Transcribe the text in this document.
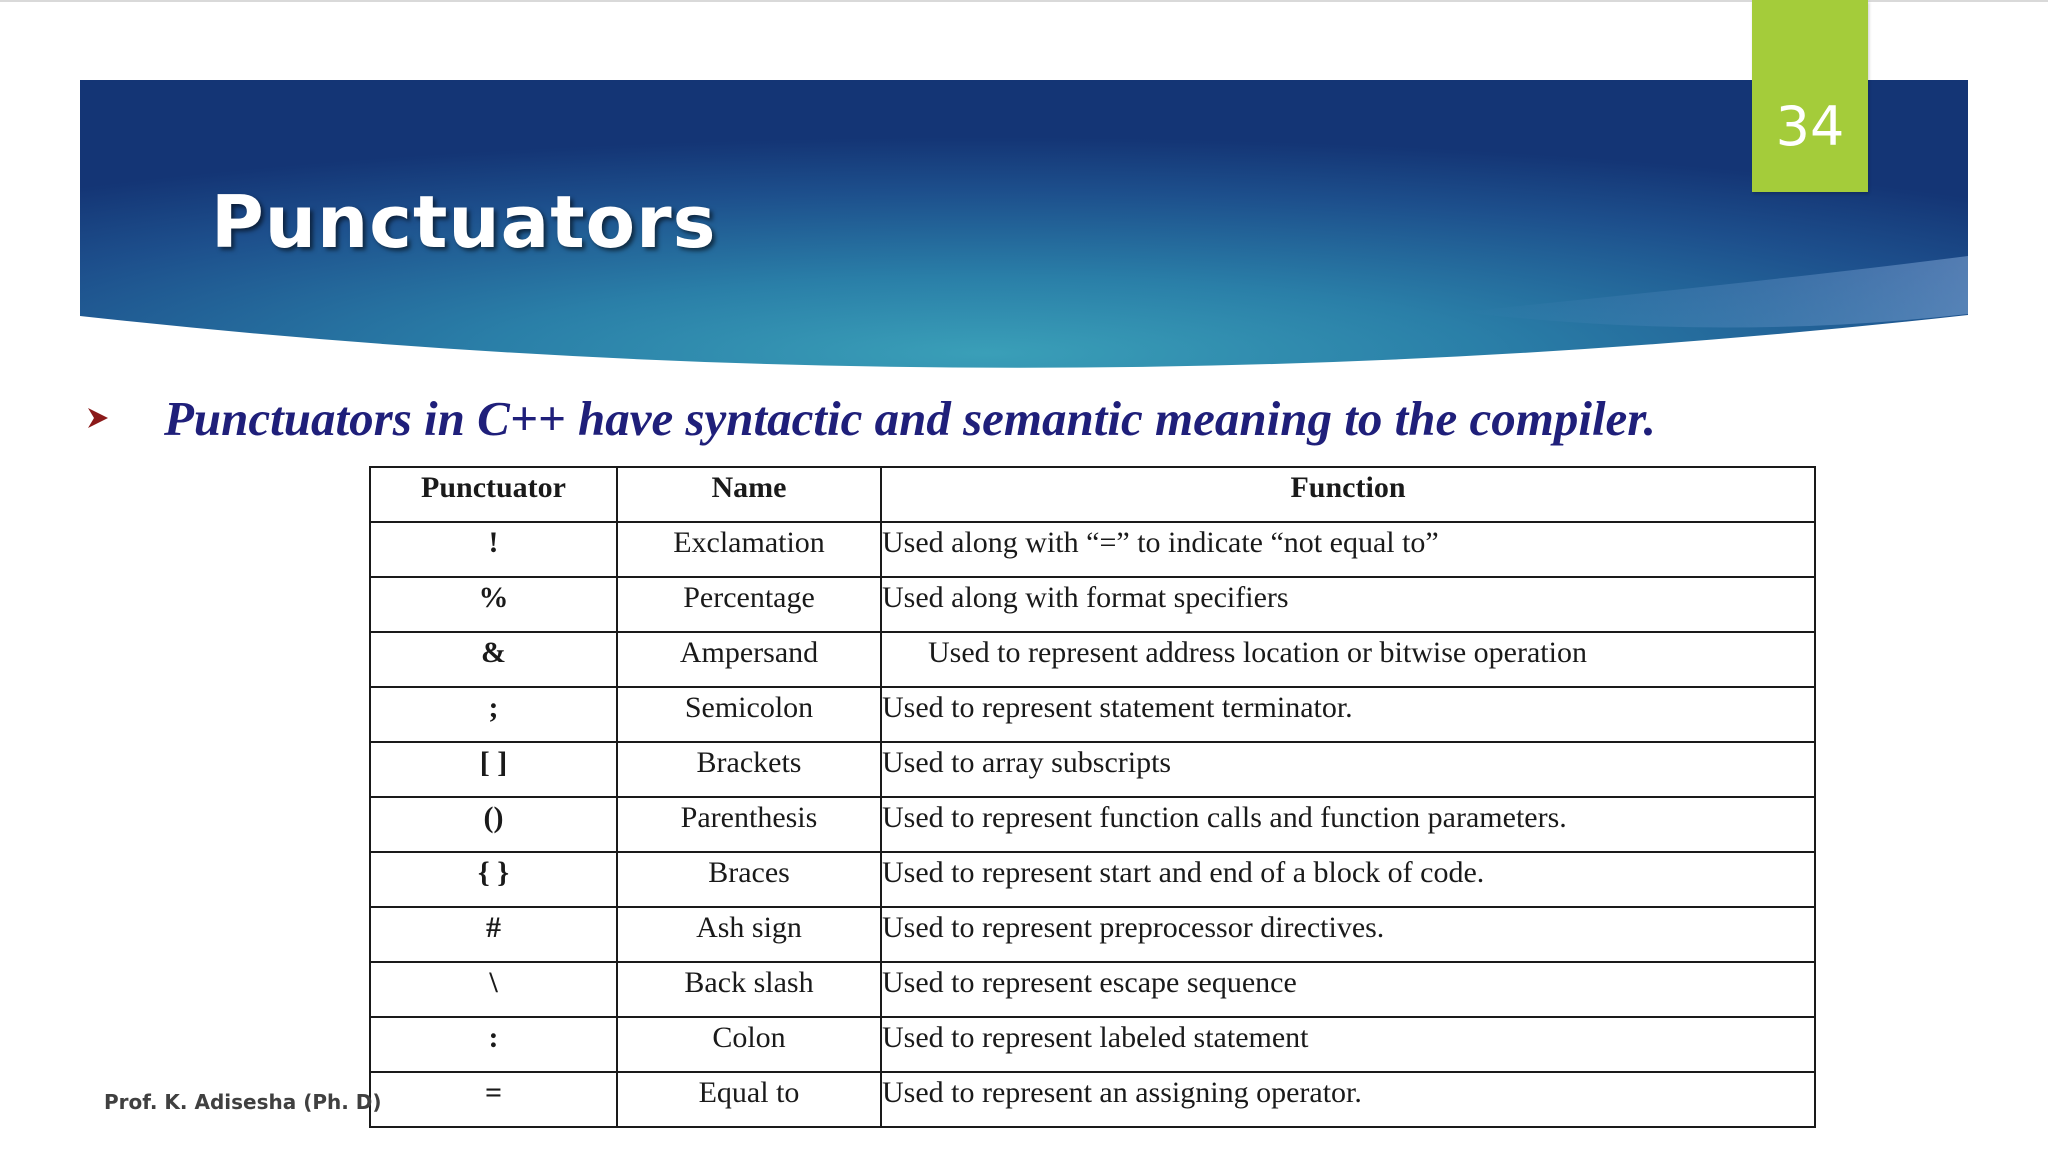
Punctuators
34
Punctuators in C++ have syntactic and semantic meaning to the compiler.
Punctuator	Name	Function
!	Exclamation	Used along with “=” to indicate “not equal to”
%	Percentage	Used along with format specifiers
&	Ampersand	Used to represent address location or bitwise operation
;	Semicolon	Used to represent statement terminator.
[ ]	Brackets	Used to array subscripts
()	Parenthesis	Used to represent function calls and function parameters.
{ }	Braces	Used to represent start and end of a block of code.
#	Ash sign	Used to represent preprocessor directives.
\	Back slash	Used to represent escape sequence
:	Colon	Used to represent labeled statement
=	Equal to	Used to represent an assigning operator.
Prof. K. Adisesha (Ph. D)
